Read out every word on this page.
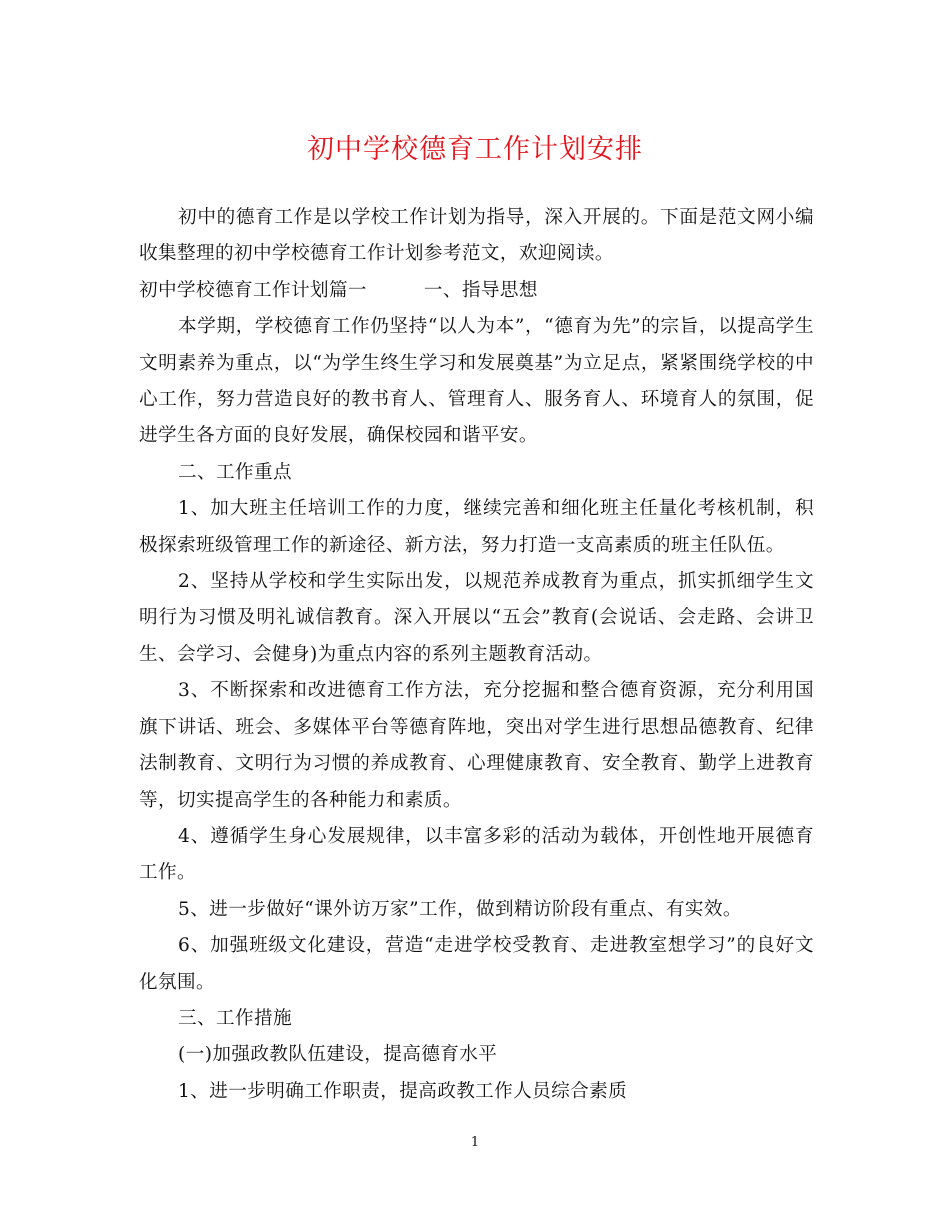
初中学校德育工作计划安排

初中的德育工作是以学校工作计划为指导，深入开展的。下面是范文网小编收集整理的初中学校德育工作计划参考范文，欢迎阅读。

初中学校德育工作计划篇一　　　一、指导思想

本学期，学校德育工作仍坚持“以人为本”，“德育为先”的宗旨，以提高学生文明素养为重点，以“为学生终生学习和发展奠基”为立足点，紧紧围绕学校的中心工作，努力营造良好的教书育人、管理育人、服务育人、环境育人的氛围，促进学生各方面的良好发展，确保校园和谐平安。

二、工作重点

1、加大班主任培训工作的力度，继续完善和细化班主任量化考核机制，积极探索班级管理工作的新途径、新方法，努力打造一支高素质的班主任队伍。

2、坚持从学校和学生实际出发，以规范养成教育为重点，抓实抓细学生文明行为习惯及明礼诚信教育。深入开展以“五会”教育(会说话、会走路、会讲卫生、会学习、会健身)为重点内容的系列主题教育活动。

3、不断探索和改进德育工作方法，充分挖掘和整合德育资源，充分利用国旗下讲话、班会、多媒体平台等德育阵地，突出对学生进行思想品德教育、纪律法制教育、文明行为习惯的养成教育、心理健康教育、安全教育、勤学上进教育等，切实提高学生的各种能力和素质。

4、遵循学生身心发展规律，以丰富多彩的活动为载体，开创性地开展德育工作。

5、进一步做好“课外访万家”工作，做到精访阶段有重点、有实效。

6、加强班级文化建设，营造“走进学校受教育、走进教室想学习”的良好文化氛围。

三、工作措施

(一)加强政教队伍建设，提高德育水平

1、进一步明确工作职责，提高政教工作人员综合素质

1
